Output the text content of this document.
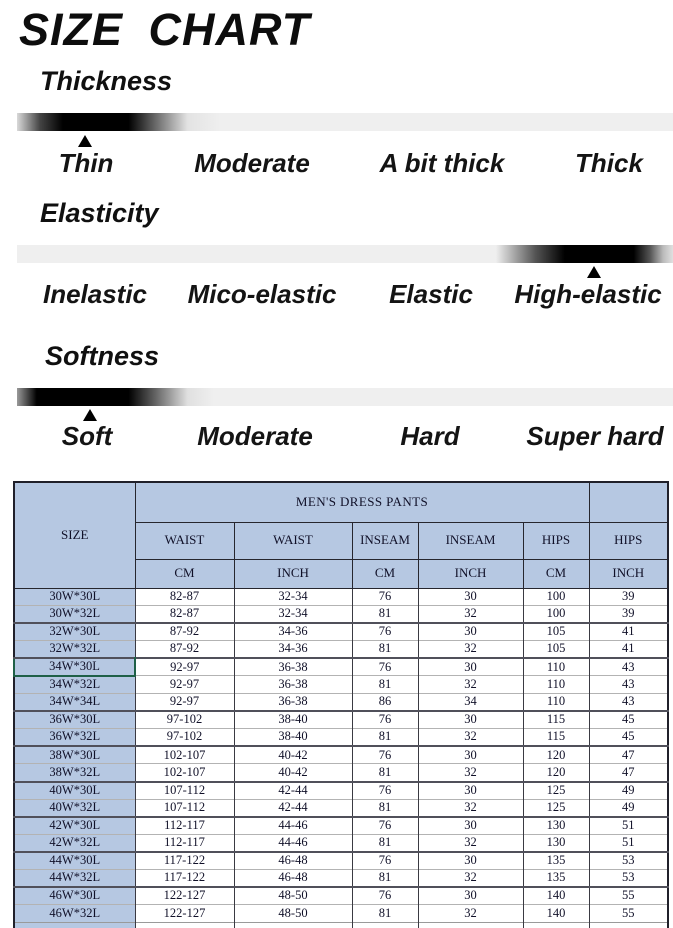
SIZE CHART
Thickness
Thin	Moderate	A bit thick	Thick
Elasticity
Inelastic Mico-elastic Elastic High-elastic
Softness
Soft	Moderate	Hard	Super hard
SIZE	MEN'S DRESS PANTS					
	WAIST	WAIST	INSEAM	INSEAM	HIPS	HIPS
	CM	INCH	CM	INCH	CM	INCH
30W*30L	82-87	32-34	76	30	100	39
30W*32L	82-87	32-34	81	32	100	39
32W*30L	87-92	34-36	76	30	105	41
32W*32L	87-92	34-36	81	32	105	41
34W*30L	92-97	36-38	76	30	110	43
34W*32L	92-97	36-38	81	32	110	43
34W*34L	92-97	36-38	86	34	110	43
36W*30L	97-102	38-40	76	30	115	45
36W*32L	97-102	38-40	81	32	115	45
38W*30L	102-107	40-42	76	30	120	47
38W*32L	102-107	40-42	81	32	120	47
40W*30L	107-112	42-44	76	30	125	49
40W*32L	107-112	42-44	81	32	125	49
42W*30L	112-117	44-46	76	30	130	51
42W*32L	112-117	44-46	81	32	130	51
44W*30L	117-122	46-48	76	30	135	53
44W*32L	117-122	46-48	81	32	135	53
46W*30L	122-127	48-50	76	30	140	55
46W*32L	122-127	48-50	81	32	140	55
